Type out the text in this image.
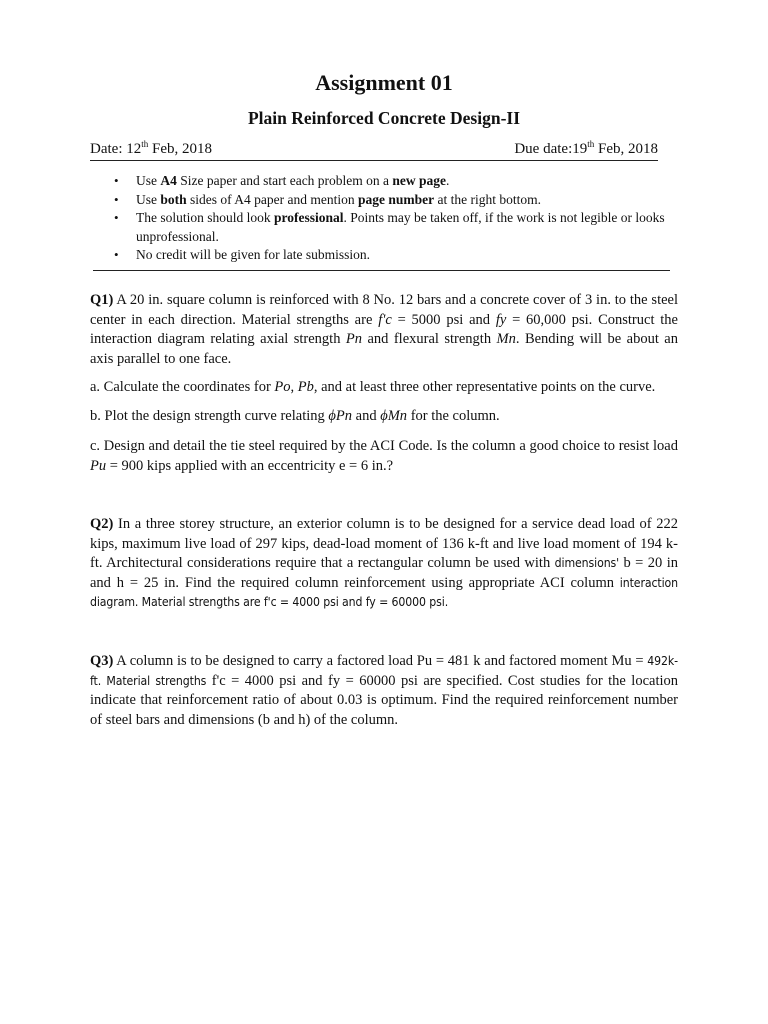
Assignment 01
Plain Reinforced Concrete Design-II
Date: 12th Feb, 2018	Due date:19th Feb, 2018
• Use A4 Size paper and start each problem on a new page.
• Use both sides of A4 paper and mention page number at the right bottom.
• The solution should look professional. Points may be taken off, if the work is not legible or looks unprofessional.
• No credit will be given for late submission.

Q1) A 20 in. square column is reinforced with 8 No. 12 bars and a concrete cover of 3 in. to the steel center in each direction. Material strengths are f'c = 5000 psi and fy = 60,000 psi. Construct the interaction diagram relating axial strength Pn and flexural strength Mn. Bending will be about an axis parallel to one face.

a. Calculate the coordinates for Po, Pb, and at least three other representative points on the curve.

b. Plot the design strength curve relating ϕPn and ϕMn for the column.

c. Design and detail the tie steel required by the ACI Code. Is the column a good choice to resist load Pu = 900 kips applied with an eccentricity e = 6 in.?

Q2) In a three storey structure, an exterior column is to be designed for a service dead load of 222 kips, maximum live load of 297 kips, dead-load moment of 136 k-ft and live load moment of 194 k-ft. Architectural considerations require that a rectangular column be used with dimensions' b = 20 in and h = 25 in. Find the required column reinforcement using appropriate ACI column interaction diagram. Material strengths are f'c = 4000 psi and fy = 60000 psi.

Q3) A column is to be designed to carry a factored load Pu = 481 k and factored moment Mu = 492k-ft. Material strengths f'c = 4000 psi and fy = 60000 psi are specified. Cost studies for the location indicate that reinforcement ratio of about 0.03 is optimum. Find the required reinforcement number of steel bars and dimensions (b and h) of the column.
